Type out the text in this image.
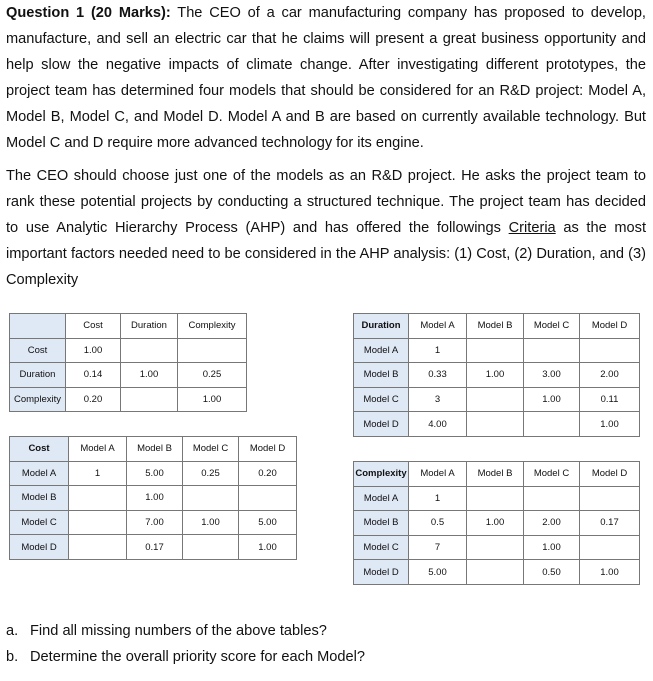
Question 1 (20 Marks): The CEO of a car manufacturing company has proposed to develop, manufacture, and sell an electric car that he claims will present a great business opportunity and help slow the negative impacts of climate change. After investigating different prototypes, the project team has determined four models that should be considered for an R&D project: Model A, Model B, Model C, and Model D. Model A and B are based on currently available technology. But Model C and D require more advanced technology for its engine.

The CEO should choose just one of the models as an R&D project. He asks the project team to rank these potential projects by conducting a structured technique. The project team has decided to use Analytic Hierarchy Process (AHP) and has offered the followings Criteria as the most important factors needed need to be considered in the AHP analysis: (1) Cost, (2) Duration, and (3) Complexity

	Cost	Duration	Complexity
Cost	1.00		
Duration	0.14	1.00	0.25
Complexity	0.20		1.00
Cost	Model A	Model B	Model C	Model D
Model A	1	5.00	0.25	0.20
Model B		1.00		
Model C		7.00	1.00	5.00
Model D		0.17		1.00
Duration	Model A	Model B	Model C	Model D
Model A	1			
Model B	0.33	1.00	3.00	2.00
Model C	3		1.00	0.11
Model D	4.00			1.00
Complexity	Model A	Model B	Model C	Model D
Model A	1			
Model B	0.5	1.00	2.00	0.17
Model C	7		1.00	
Model D	5.00		0.50	1.00
a. Find all missing numbers of the above tables?
b. Determine the overall priority score for each Model?
